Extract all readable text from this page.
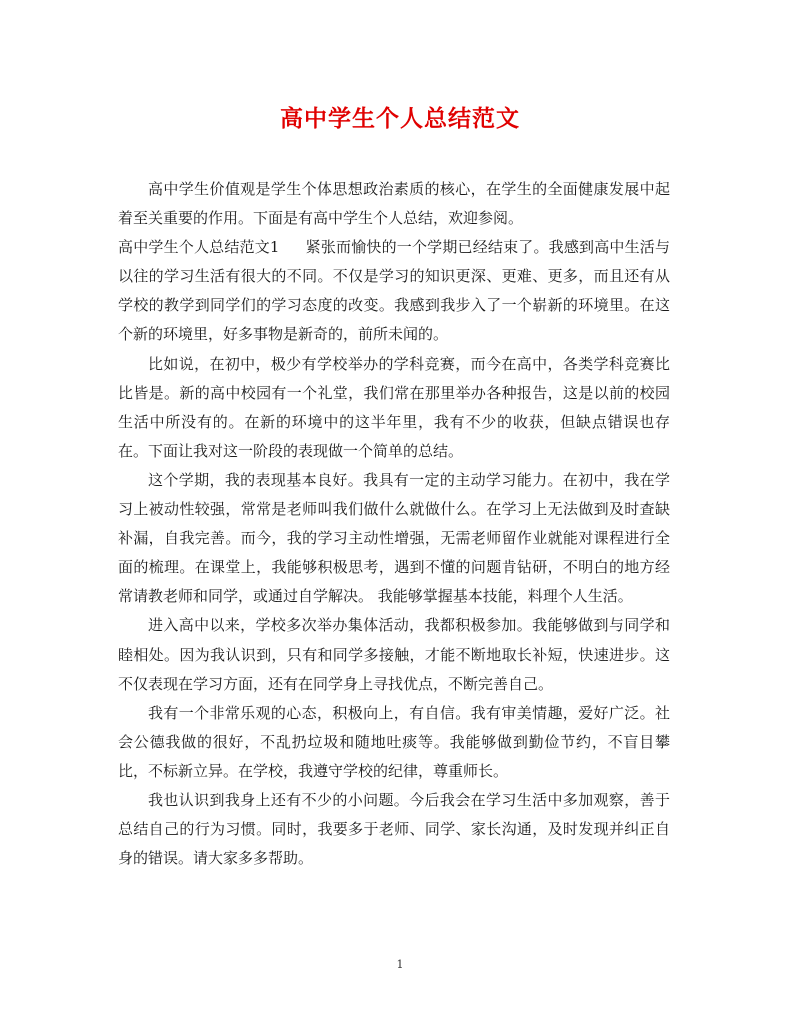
高中学生个人总结范文

高中学生价值观是学生个体思想政治素质的核心，在学生的全面健康发展中起着至关重要的作用。下面是有高中学生个人总结，欢迎参阅。

高中学生个人总结范文1 紧张而愉快的一个学期已经结束了。我感到高中生活与以往的学习生活有很大的不同。不仅是学习的知识更深、更难、更多，而且还有从学校的教学到同学们的学习态度的改变。我感到我步入了一个崭新的环境里。在这个新的环境里，好多事物是新奇的，前所未闻的。

比如说，在初中，极少有学校举办的学科竞赛，而今在高中，各类学科竞赛比比皆是。新的高中校园有一个礼堂，我们常在那里举办各种报告，这是以前的校园生活中所没有的。在新的环境中的这半年里，我有不少的收获，但缺点错误也存在。下面让我对这一阶段的表现做一个简单的总结。

这个学期，我的表现基本良好。我具有一定的主动学习能力。在初中，我在学习上被动性较强，常常是老师叫我们做什么就做什么。在学习上无法做到及时查缺补漏，自我完善。而今，我的学习主动性增强，无需老师留作业就能对课程进行全面的梳理。在课堂上，我能够积极思考，遇到不懂的问题肯钻研，不明白的地方经常请教老师和同学，或通过自学解决。 我能够掌握基本技能，料理个人生活。

进入高中以来，学校多次举办集体活动，我都积极参加。我能够做到与同学和睦相处。因为我认识到，只有和同学多接触，才能不断地取长补短，快速进步。这不仅表现在学习方面，还有在同学身上寻找优点，不断完善自己。

我有一个非常乐观的心态，积极向上，有自信。我有审美情趣，爱好广泛。社会公德我做的很好，不乱扔垃圾和随地吐痰等。我能够做到勤俭节约，不盲目攀比，不标新立异。在学校，我遵守学校的纪律，尊重师长。

我也认识到我身上还有不少的小问题。今后我会在学习生活中多加观察，善于总结自己的行为习惯。同时，我要多于老师、同学、家长沟通，及时发现并纠正自身的错误。请大家多多帮助。

1
